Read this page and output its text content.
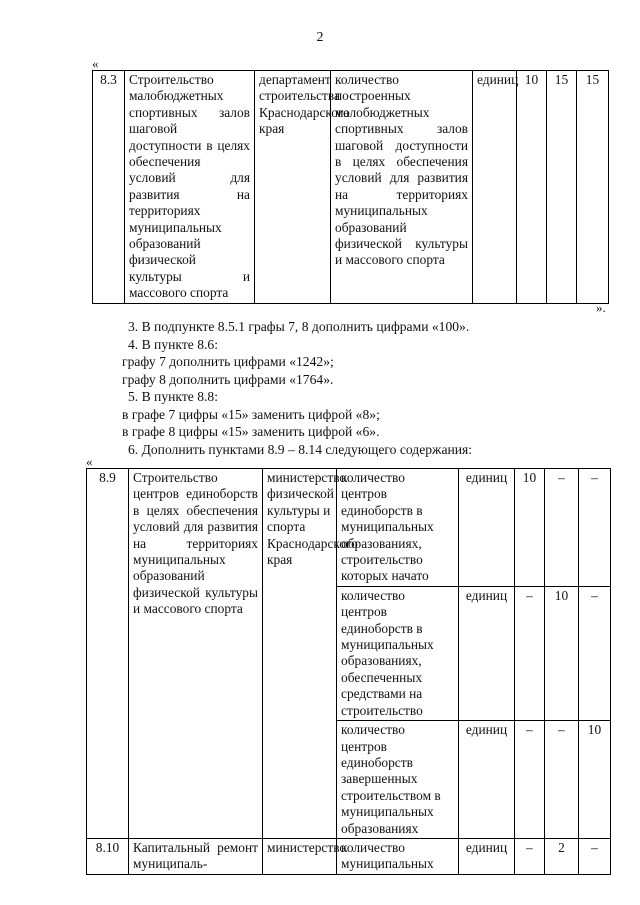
2
«
8.3	Строительство малобюджетных спортивных залов шаговой доступности в целях обеспечения условий для развития на территориях муниципальных образований физической культуры и массового спорта	департамент строительства Краснодарского края	количество построенных малобюджетных спортивных залов шаговой доступности в целях обеспечения условий для развития на территориях муниципальных образований физической культуры и массового спорта	единиц	10	15	15
».
3. В подпункте 8.5.1 графы 7, 8 дополнить цифрами «100».
4. В пункте 8.6:
графу 7 дополнить цифрами «1242»;
графу 8 дополнить цифрами «1764».
5. В пункте 8.8:
в графе 7 цифры «15» заменить цифрой «8»;
в графе 8 цифры «15» заменить цифрой «6».
6. Дополнить пунктами 8.9 – 8.14 следующего содержания:
«
8.9	Строительство центров единоборств в целях обеспечения условий для развития на территориях муниципальных образований физической культуры и массового спорта	министерство физической культуры и спорта Краснодарского края	количество центров единоборств в муниципальных образованиях, строительство которых начато	единиц	10	–	–
			количество центров единоборств в муниципальных образованиях, обеспеченных средствами на строительство	единиц	–	10	–
			количество центров единоборств завершенных строительством в муниципальных образованиях	единиц	–	–	10
8.10	Капитальный ремонт муниципаль-	министерство	количество муниципальных	единиц	–	2	–
